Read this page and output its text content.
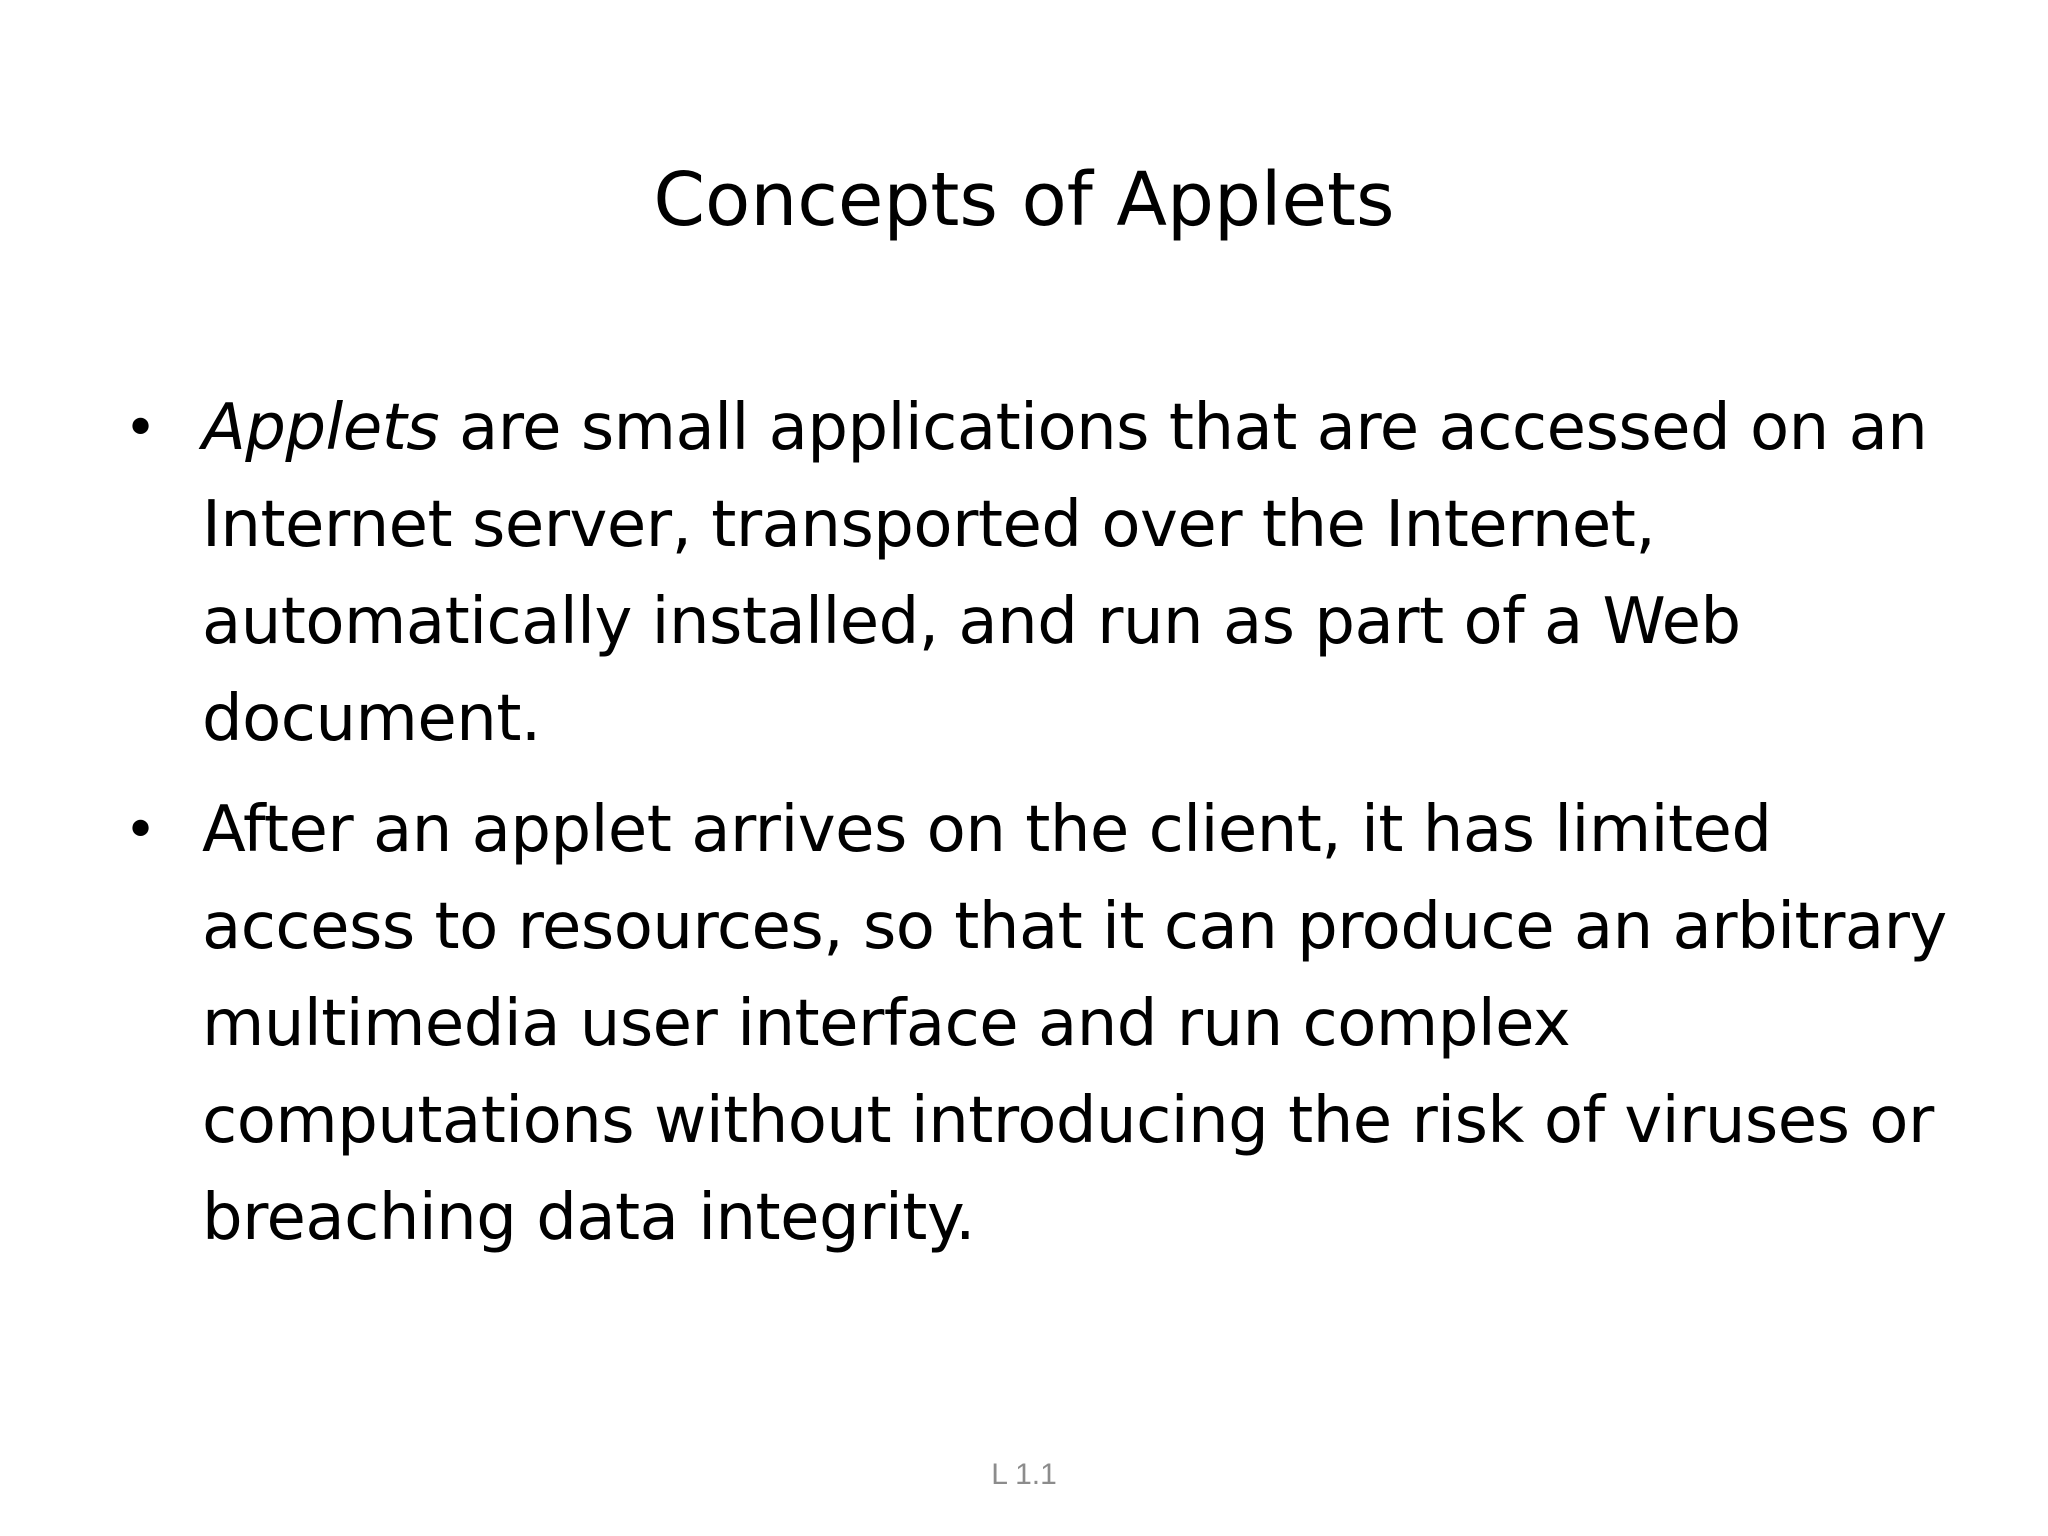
Concepts of Applets
• Applets are small applications that are accessed on an Internet server, transported over the Internet, automatically installed, and run as part of a Web document.
• After an applet arrives on the client, it has limited access to resources, so that it can produce an arbitrary multimedia user interface and run complex computations without introducing the risk of viruses or breaching data integrity.
L 1.1
